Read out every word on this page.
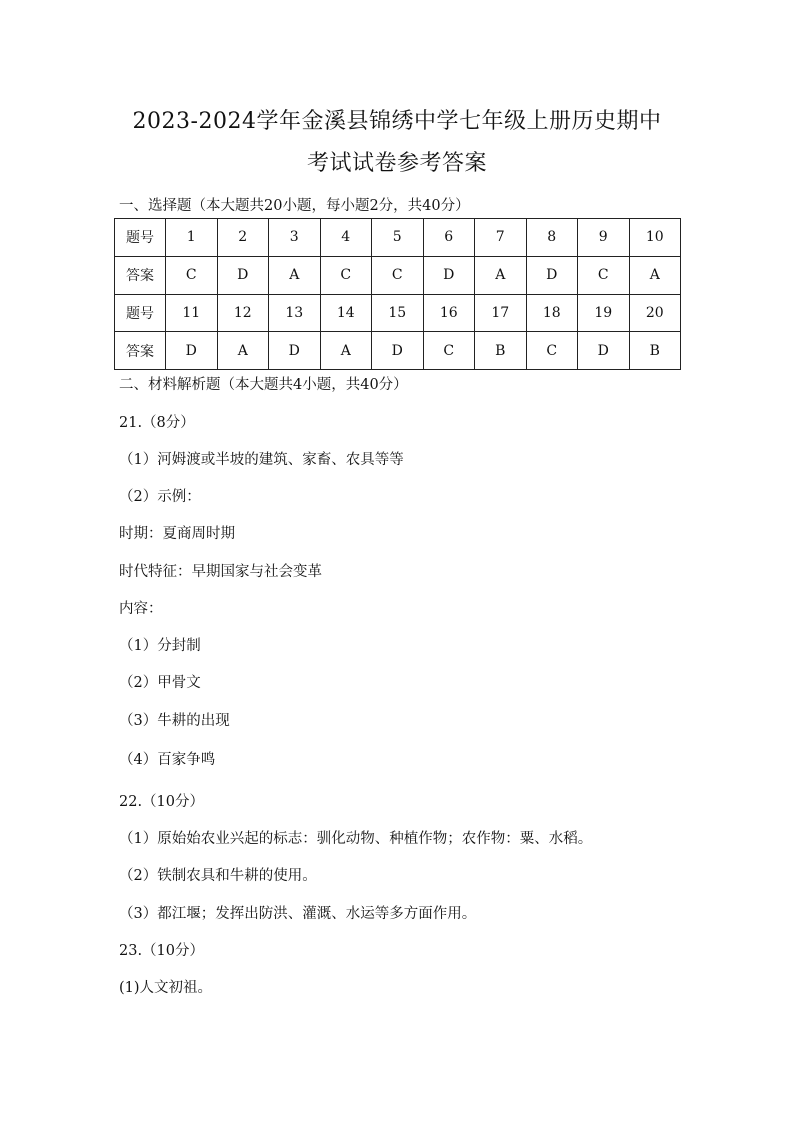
2023-2024学年金溪县锦绣中学七年级上册历史期中
考试试卷参考答案
一、选择题（本大题共20小题，每小题2分，共40分）
题号	1	2	3	4	5	6	7	8	9	10
答案	C	D	A	C	C	D	A	D	C	A
题号	11	12	13	14	15	16	17	18	19	20
答案	D	A	D	A	D	C	B	C	D	B
二、材料解析题（本大题共4小题，共40分）
21.（8分）
（1）河姆渡或半坡的建筑、家畜、农具等等
（2）示例：
时期：夏商周时期
时代特征：早期国家与社会变革
内容：
（1）分封制
（2）甲骨文
（3）牛耕的出现
（4）百家争鸣
22.（10分）
（1）原始始农业兴起的标志：驯化动物、种植作物；农作物：粟、水稻。
（2）铁制农具和牛耕的使用。
（3）都江堰；发挥出防洪、灌溉、水运等多方面作用。
23.（10分）
(1)人文初祖。
